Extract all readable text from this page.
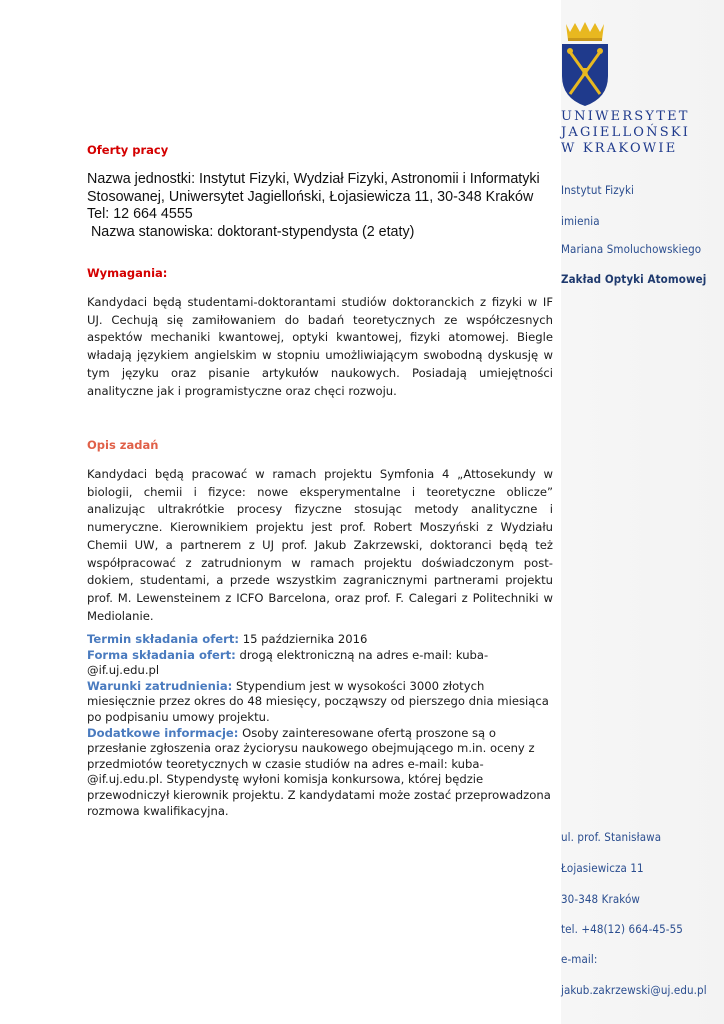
UNIWERSYTET
JAGIELLOŃSKI
W KRAKOWIE
Instytut Fizyki
imienia
Mariana Smoluchowskiego
Zakład Optyki Atomowej
ul. prof. Stanisława
Łojasiewicza 11
30-348 Kraków
tel. +48(12) 664-45-55
e-mail:
jakub.zakrzewski@uj.edu.pl
Oferty pracy
Nazwa jednostki: Instytut Fizyki, Wydział Fizyki, Astronomii i Informatyki
Stosowanej, Uniwersytet Jagielloński, Łojasiewicza 11, 30-348 Kraków
Tel: 12 664 4555
Nazwa stanowiska: doktorant-stypendysta (2 etaty)
Wymagania:
Kandydaci będą studentami-doktorantami studiów doktoranckich z fizyki w IF UJ. Cechują się zamiłowaniem do badań teoretycznych ze współczesnych aspektów mechaniki kwantowej, optyki kwantowej, fizyki atomowej. Biegle władają językiem angielskim w stopniu umożliwiającym swobodną dyskusję w tym języku oraz pisanie artykułów naukowych. Posiadają umiejętności analityczne jak i programistyczne oraz chęci rozwoju.
Opis zadań
Kandydaci będą pracować w ramach projektu Symfonia 4 „Attosekundy w biologii, chemii i fizyce: nowe eksperymentalne i teoretyczne oblicze” analizując ultrakrótkie procesy fizyczne stosując metody analityczne i numeryczne. Kierownikiem projektu jest prof. Robert Moszyński z Wydziału Chemii UW, a partnerem z UJ prof. Jakub Zakrzewski, doktoranci będą też współpracować z zatrudnionym w ramach projektu doświadczonym post-dokiem, studentami, a przede wszystkim zagranicznymi partnerami projektu prof. M. Lewensteinem z ICFO Barcelona, oraz prof. F. Calegari z Politechniki w Mediolanie.
Termin składania ofert: 15 października 2016
Forma składania ofert: drogą elektroniczną na adres e-mail: kuba-@if.uj.edu.pl
Warunki zatrudnienia: Stypendium jest w wysokości 3000 złotych miesięcznie przez okres do 48 miesięcy, począwszy od pierszego dnia miesiąca po podpisaniu umowy projektu.
Dodatkowe informacje: Osoby zainteresowane ofertą proszone są o przesłanie zgłoszenia oraz życiorysu naukowego obejmującego m.in. oceny z przedmiotów teoretycznych w czasie studiów na adres e-mail: kuba-@if.uj.edu.pl. Stypendystę wyłoni komisja konkursowa, której będzie przewodniczył kierownik projektu. Z kandydatami może zostać przeprowadzona rozmowa kwalifikacyjna.
